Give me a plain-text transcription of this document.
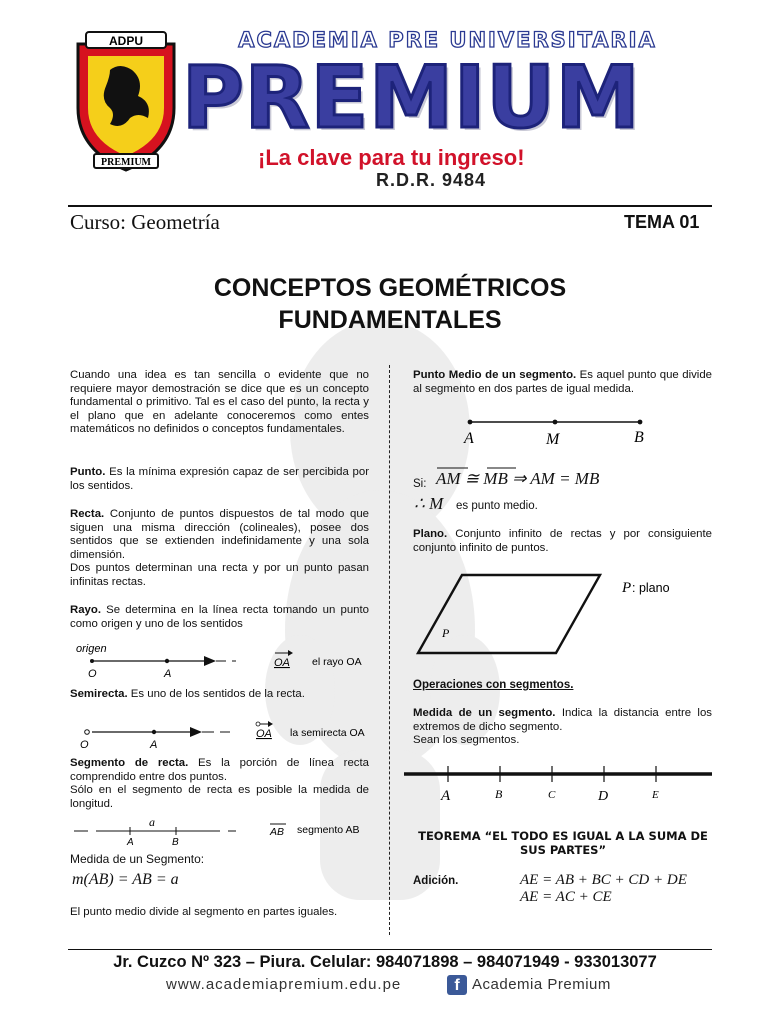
ADPU
PREMIUM
ACADEMIA PRE UNIVERSITARIA
PREMIUM
¡La clave para tu ingreso!
R.D.R. 9484
Curso: Geometría	TEMA 01
CONCEPTOS GEOMÉTRICOS
FUNDAMENTALES
Cuando una idea es tan sencilla o evidente que no requiere mayor demostración se dice que es un concepto fundamental o primitivo. Tal es el caso del punto, la recta y el plano que en adelante conoceremos como entes matemáticos no definidos o conceptos fundamentales.
Punto. Es la mínima expresión capaz de ser percibida por los sentidos.
Recta. Conjunto de puntos dispuestos de tal modo que siguen una misma dirección (colineales), posee dos sentidos que se extienden indefinidamente y una sola dimensión.
Dos puntos determinan una recta y por un punto pasan infinitas rectas.
Rayo. Se determina en la línea recta tomando un punto como origen y uno de los sentidos
origen
O	A
OA el rayo OA
Semirecta. Es uno de los sentidos de la recta.
O	A
OA la semirecta OA
Segmento de recta. Es la porción de línea recta comprendido entre dos puntos.
Sólo en el segmento de recta es posible la medida de longitud.
a
A	B
AB segmento AB
Medida de un Segmento:
m(AB) = AB = a
El punto medio divide al segmento en partes iguales.
Punto Medio de un segmento. Es aquel punto que divide al segmento en dos partes de igual medida.
A	M	B
Si: AM ≅ MB ⇒ AM = MB
∴ M es punto medio.
Plano. Conjunto infinito de rectas y por consiguiente conjunto infinito de puntos.
P
P : plano
Operaciones con segmentos.
Medida de un segmento. Indica la distancia entre los extremos de dicho segmento.
Sean los segmentos.
A	B	C	D	E
TEOREMA “EL TODO ES IGUAL A LA SUMA DE
SUS PARTES”
Adición.	AE = AB + BC + CD + DE
AE = AC + CE
Jr. Cuzco Nº 323 – Piura. Celular: 984071898 – 984071949 - 933013077
www.academiapremium.edu.pe	f Academia Premium
